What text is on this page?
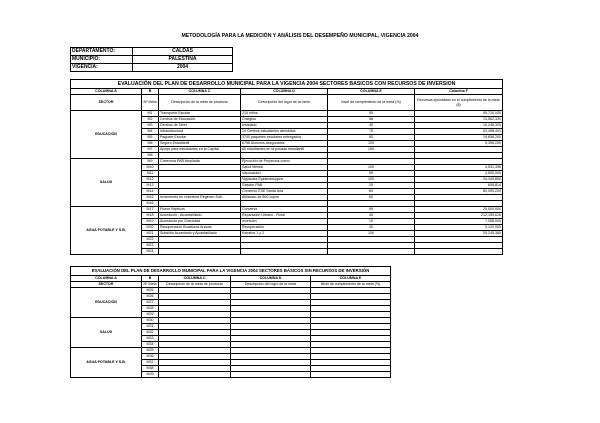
METODOLOGÍA PARA LA MEDICIÓN Y ANÁLISIS DEL DESEMPEÑO MUNICIPAL, VIGENCIA 2004
DEPARTAMENTO:	CALDAS
MUNICIPIO:	PALESTINA
VIGENCIA:	2004
EVALUACIÓN DEL PLAN DE DESARROLLO MUNICIPAL PARA LA VIGENCIA 2004 SECTORES BASICOS CON RECURSOS DE INVERSION					
COLUMNA A	B	COLUMNA C	COLUMNA D	COLUMNA E	Columna F
SECTOR	Nº Meta	Descripción de la meta de producto	Descripción del logro de la meta	Nivel de cumplimiento de la meta (%)	Recursos ejecutados en el cumplimiento de la meta ($)
EDUCACIÓN	M1	Transporte Escolar	215 niños	50	55,716,000
	M2	Centros de Educación	Colegios	58	13,562,330
	M3	Centros de Taller	Instalado	45	10,246,300
	M4	Infraestructura	14 Centros estudiantes atendidos	75	63,458,491
	M5	Paquete Escolar	3700 paquetes escolares entregados	60	19,656,200
	M6	Seguro Estudiantil	6758 Alumnos asegurados	100	5,396,250
	M7	Apoyo para estudiantes en la Capital	60 estudiantes en la posada estudiantil	100	
	M8				
SALUD	M9	Cobertura PAB Ampliada	Ejecución de Proyectos como:		
	M10		Salud Mental	100	4,531,396
	M11		Vacunación	95	4,800,000
	M12		Vigilancia Epidemiológica	100	34,345,890
	M13		Gestión PAB	15	608,814
	M14		Convenio ESE Santa Ana	60	80,000,200
	M15	Incremento en cobertura Régimen Sub.	Afiliación de 600 cupos	60	
	M16				
AGUA POTABLE Y S.B.	M17	Pozos Sépticos	Convenio	50	20,000,000
	M18	Acueducto - Alcantarillado	Reparación Urbano - Rural	40	212,159,616
	M19	Acueducto por Gravedad	Inversión	10	7,058,000
	M20	Recuperación Bocatoma Arauca	Recuperación	30	3,120,900
	M21	Subsidio Acueducto y Alcantarillado	Estratos 1 y 2	100	25,245,380
	M22				
	M23				
	M24				
EVALUACIÓN DEL PLAN DE DESARROLLO MUNICIPAL PARA LA VIGENCIA 2004 SECTORES BÁSICOS SIN RECURSOS DE INVERSIÓN				
COLUMNA A	B	COLUMNA C	COLUMNA D	COLUMNA E
SECTOR	Nº Meta	Descripción de la meta de producto	Descripción del logro de la meta	Nivel de cumplimiento de la meta (%)
EDUCACIÓN	M25			
	M26			
	M27			
	M28			
	M29			
SALUD	M30			
	M31			
	M32			
	M33			
	M34			
AGUA POTABLE Y S.B.	M35			
	M36			
	M37			
	M38			
	M39			
